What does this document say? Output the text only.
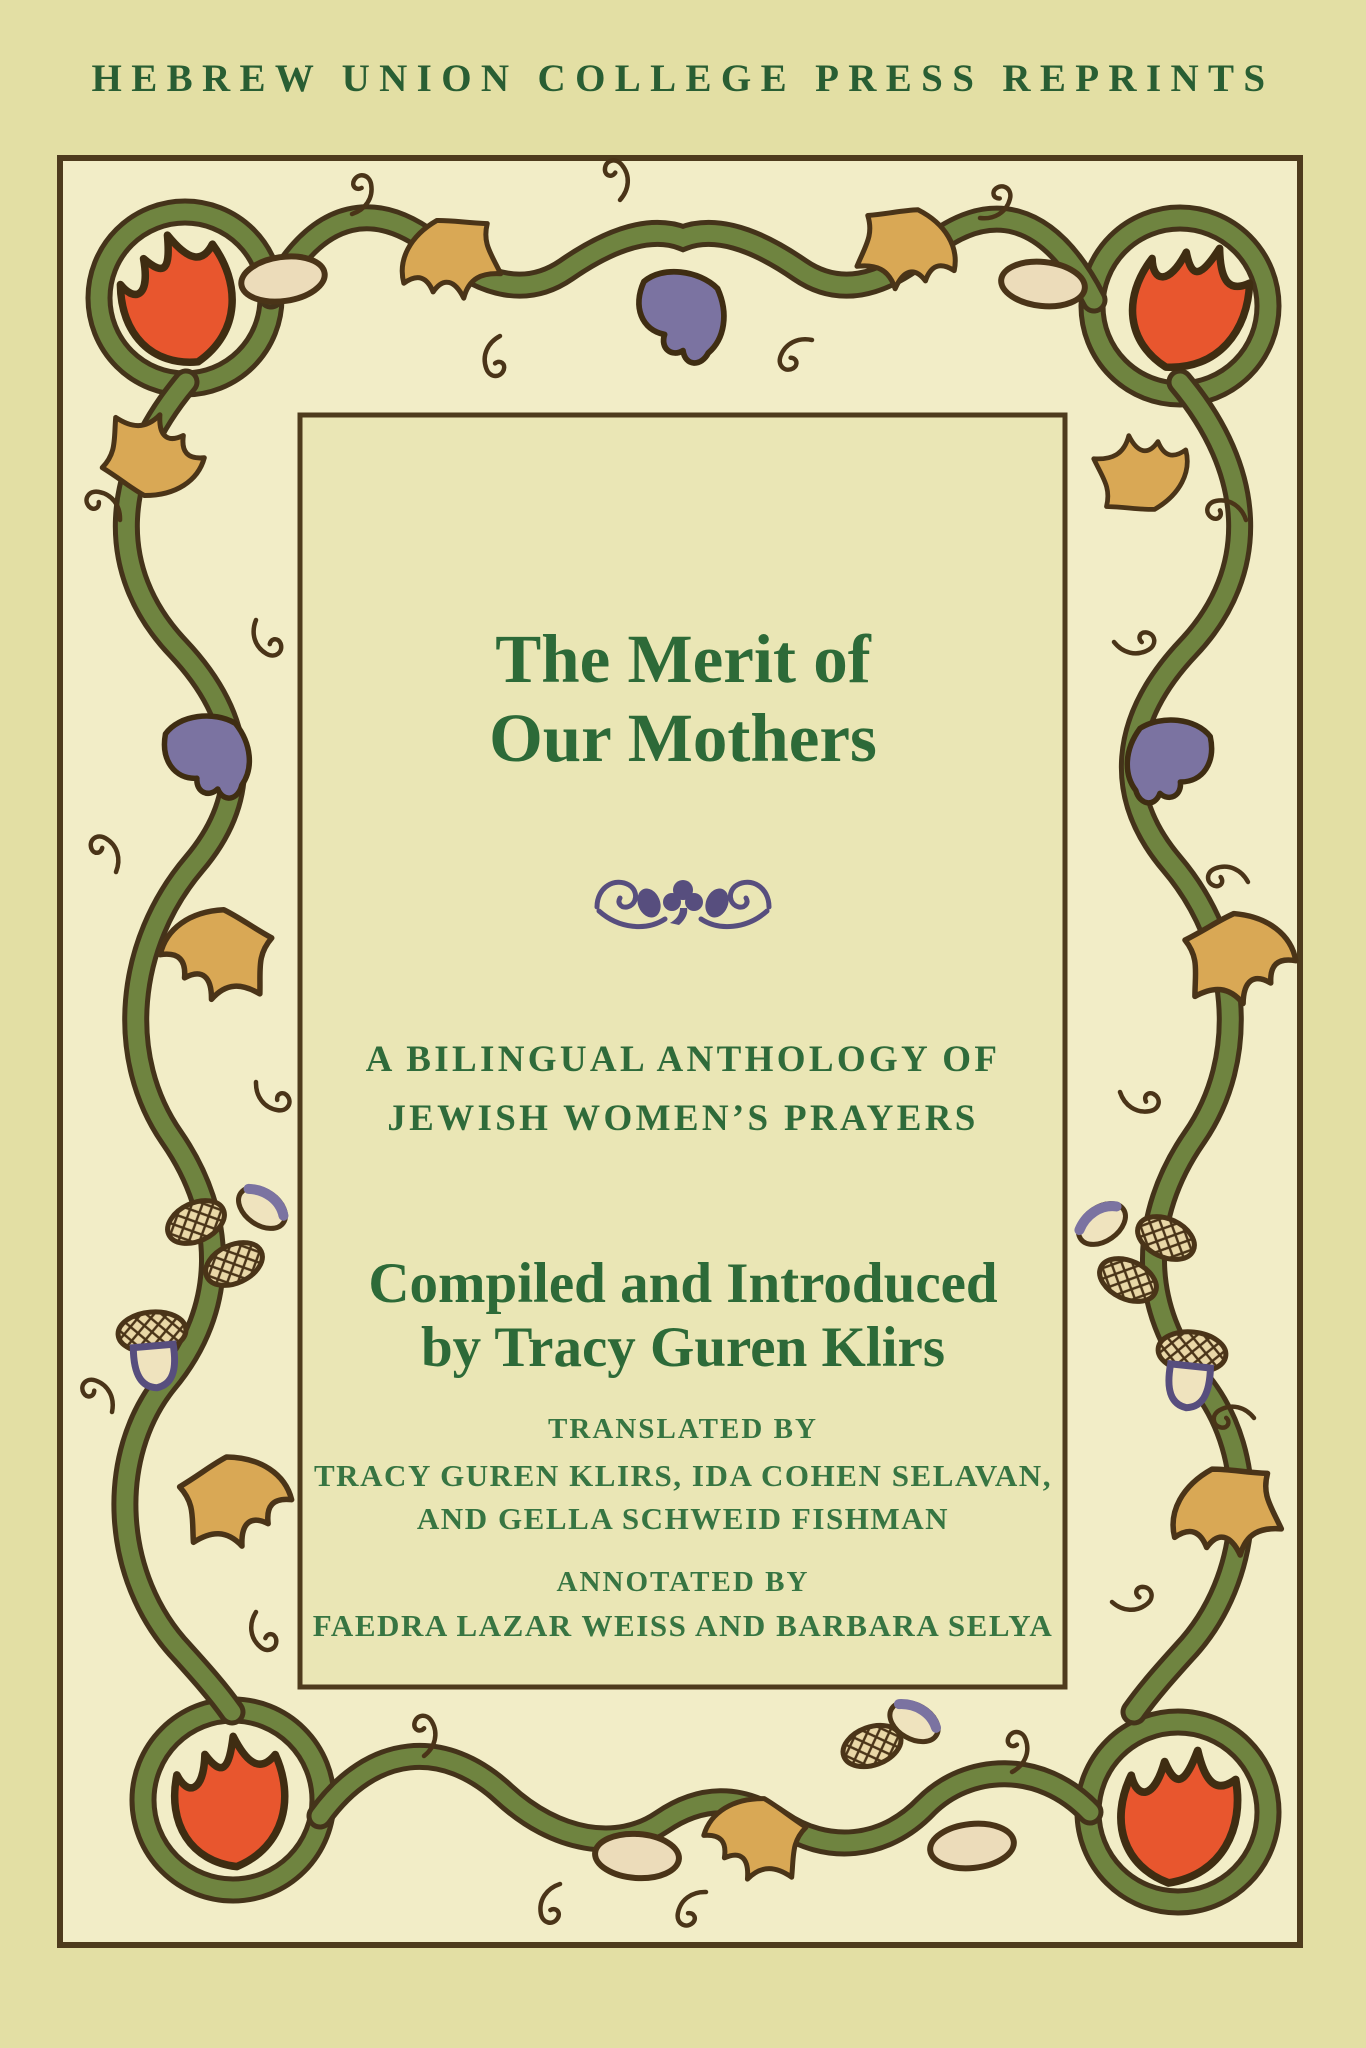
HEBREW UNION COLLEGE PRESS REPRINTS
The Merit of
Our Mothers
A BILINGUAL ANTHOLOGY OF
JEWISH WOMEN’S PRAYERS
Compiled and Introduced
by Tracy Guren Klirs
TRANSLATED BY
TRACY GUREN KLIRS, IDA COHEN SELAVAN,
AND GELLA SCHWEID FISHMAN
ANNOTATED BY
FAEDRA LAZAR WEISS AND BARBARA SELYA
